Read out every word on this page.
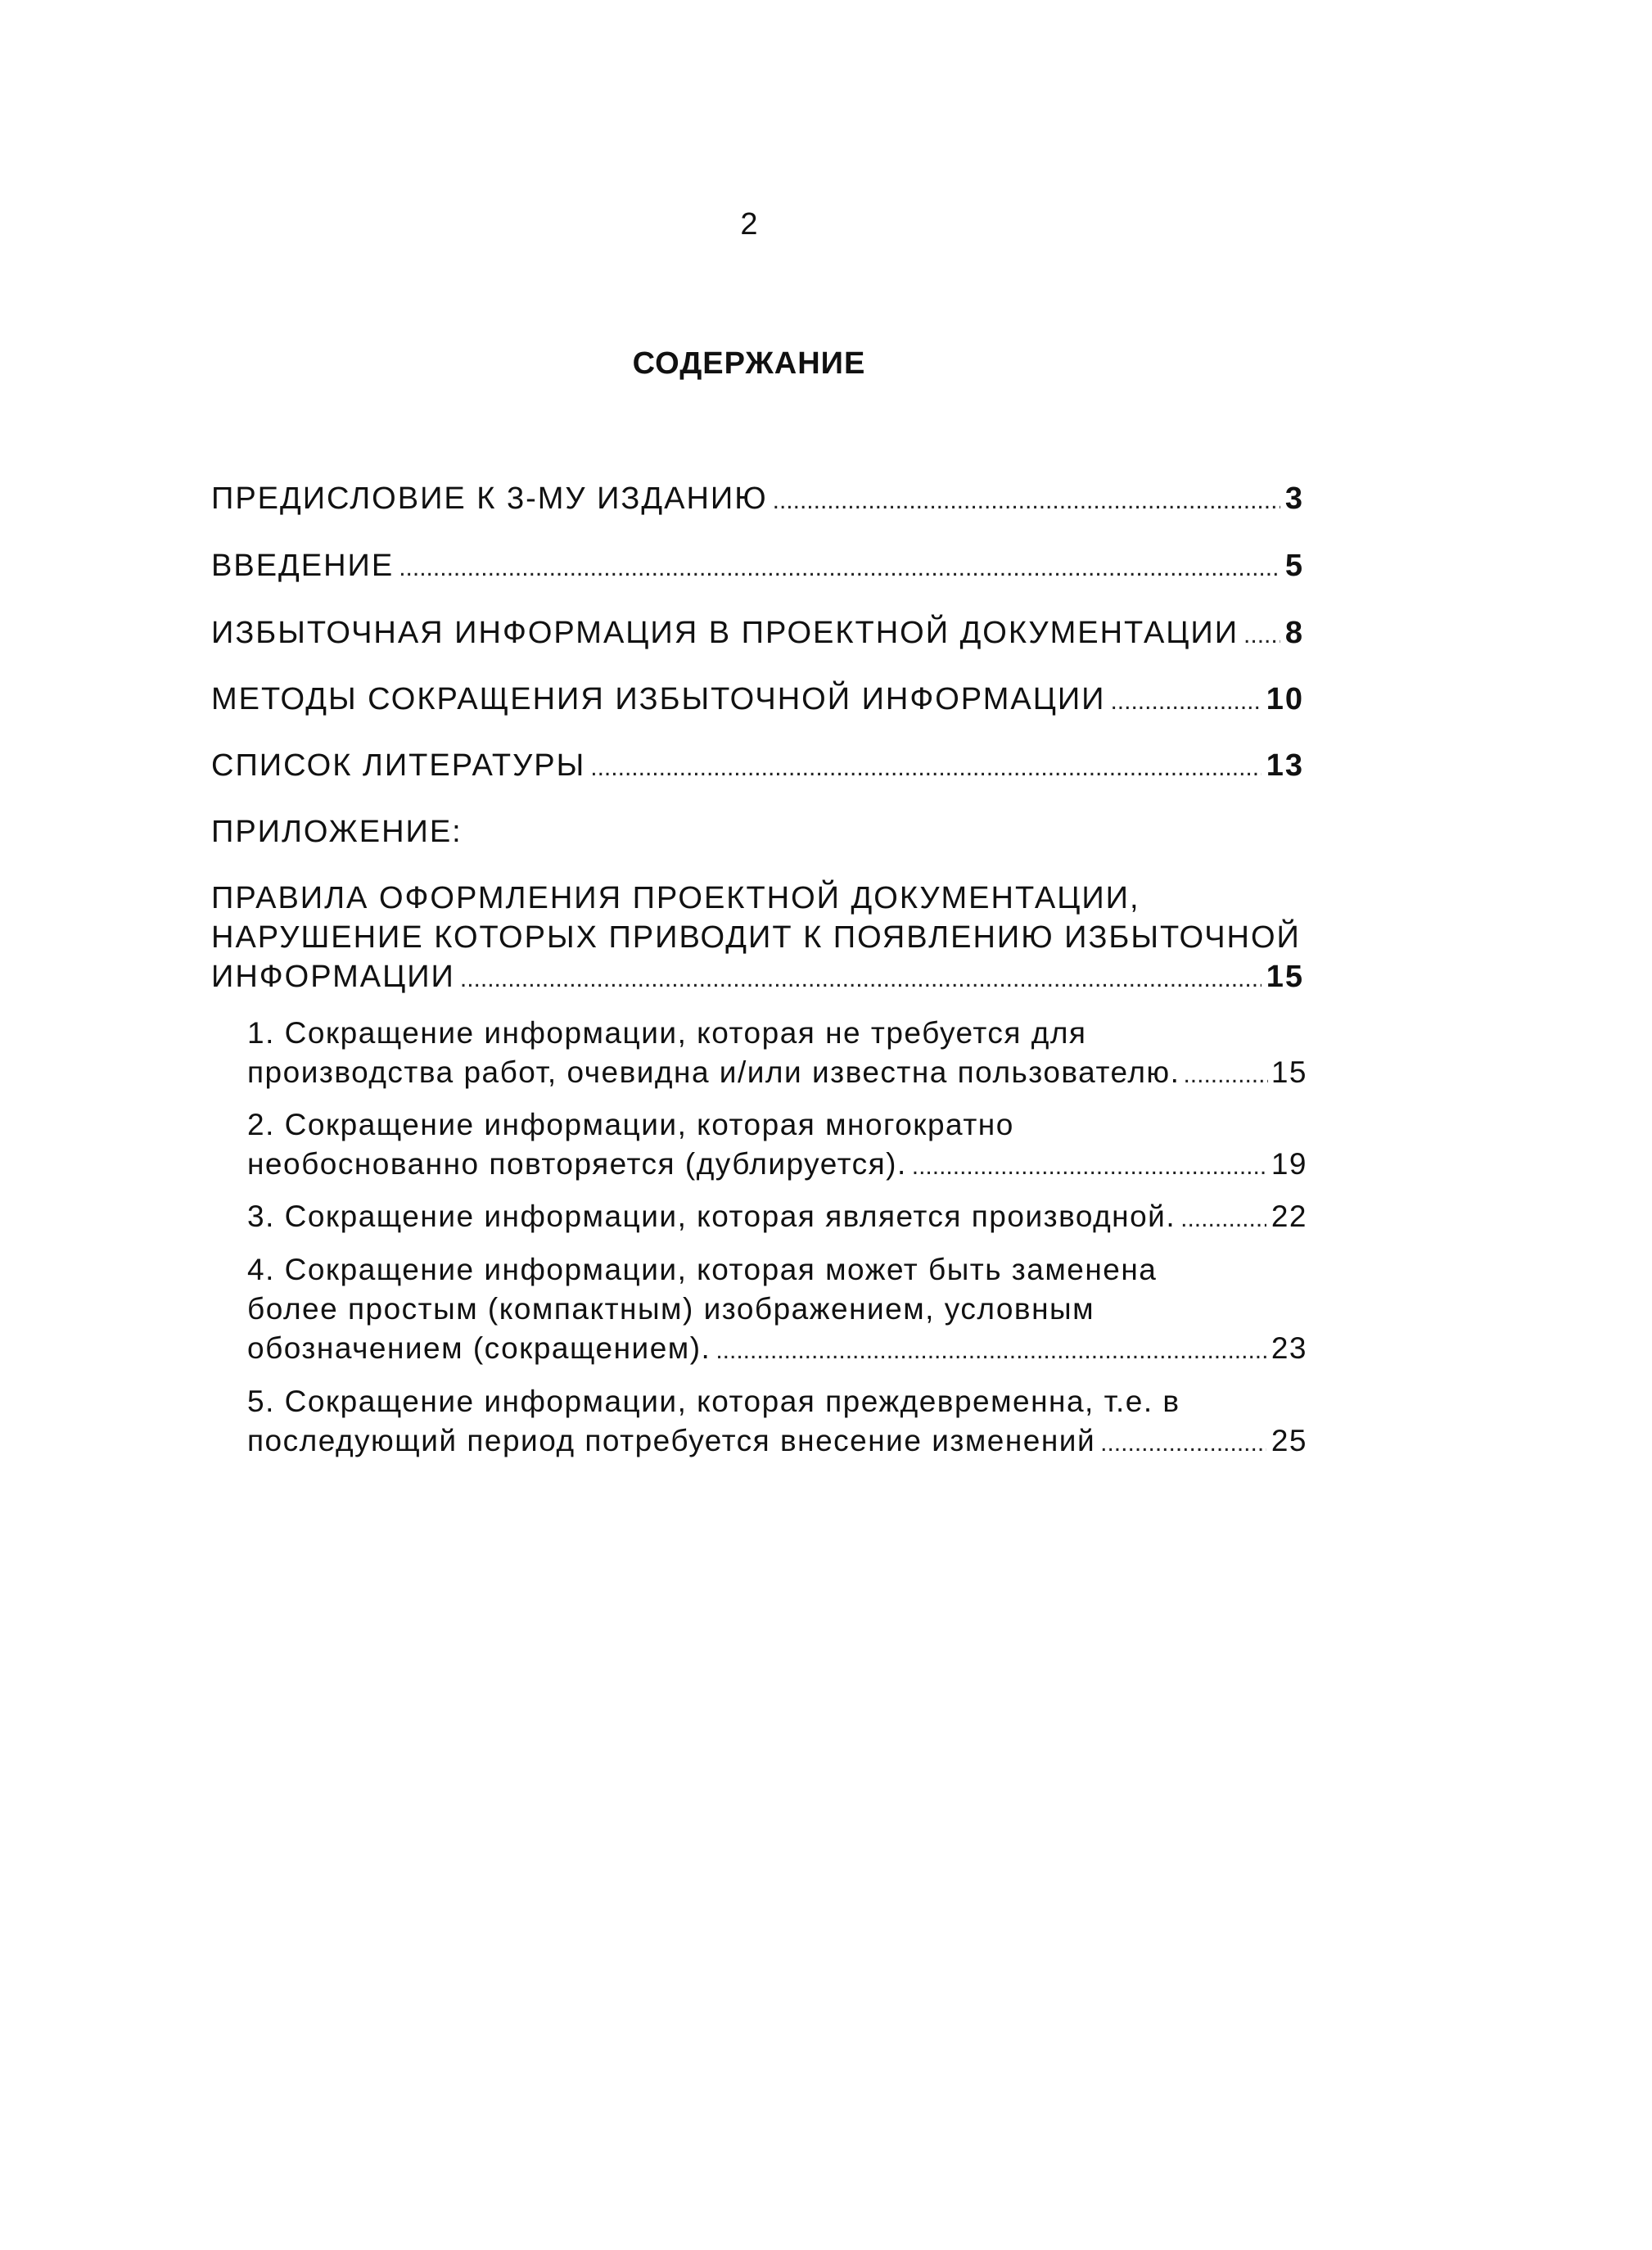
2
СОДЕРЖАНИЕ
ПРЕДИСЛОВИЕ К 3-МУ ИЗДАНИЮ .....	3
ВВЕДЕНИЕ .....	5
ИЗБЫТОЧНАЯ ИНФОРМАЦИЯ В ПРОЕКТНОЙ ДОКУМЕНТАЦИИ ..... 8
МЕТОДЫ СОКРАЩЕНИЯ ИЗБЫТОЧНОЙ ИНФОРМАЦИИ .....	10
СПИСОК ЛИТЕРАТУРЫ .....	13
ПРИЛОЖЕНИЕ:
ПРАВИЛА ОФОРМЛЕНИЯ ПРОЕКТНОЙ ДОКУМЕНТАЦИИ,
НАРУШЕНИЕ КОТОРЫХ ПРИВОДИТ К ПОЯВЛЕНИЮ ИЗБЫТОЧНОЙ
ИНФОРМАЦИИ .....	15
1. Сокращение информации, которая не требуется для
производства работ, очевидна и/или известна пользователю. .....	15
2. Сокращение информации, которая многократно
необоснованно повторяется (дублируется). .....	19
3. Сокращение информации, которая является производной. .....	22
4. Сокращение информации, которая может быть заменена
более простым (компактным) изображением, условным
обозначением (сокращением). .....	23
5. Сокращение информации, которая преждевременна, т.е. в
последующий период потребуется внесение изменений .....	25
